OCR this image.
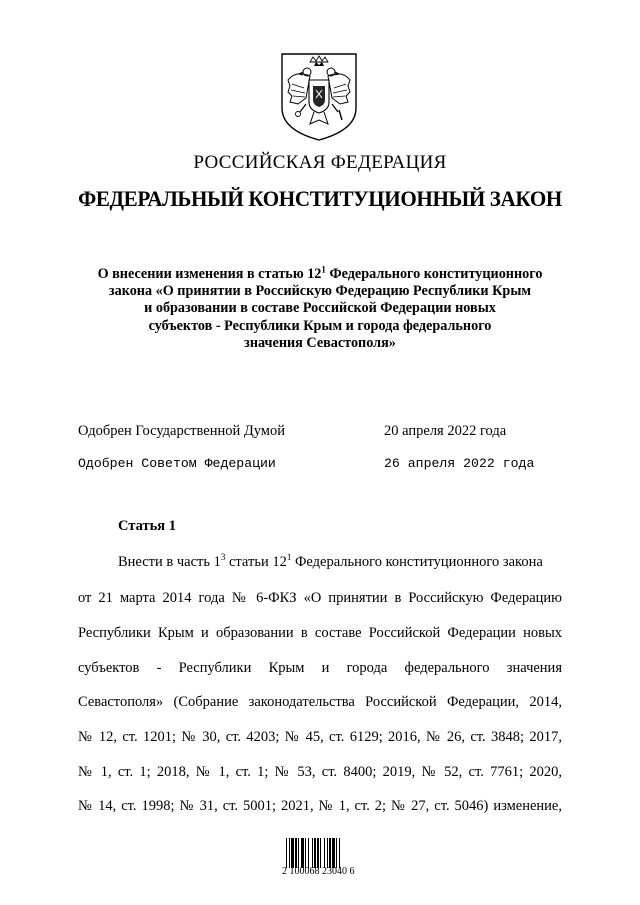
РОССИЙСКАЯ ФЕДЕРАЦИЯ
ФЕДЕРАЛЬНЫЙ КОНСТИТУЦИОННЫЙ ЗАКОН
О внесении изменения в статью $12^1$ Федерального конституционного
закона «О принятии в Российскую Федерацию Республики Крым
и образовании в составе Российской Федерации новых
субъектов - Республики Крым и города федерального
значения Севастополя»
Одобрен Государственной Думой	20 апреля 2022 года
Одобрен Советом Федерации	26 апреля 2022 года
Статья 1
Внести в часть $1^3$ статьи $12^1$ Федерального конституционного закона
от 21 марта 2014 года № 6-ФКЗ «О принятии в Российскую Федерацию
Республики Крым и образовании в составе Российской Федерации новых
субъектов - Республики Крым и города федерального значения
Севастополя» (Собрание законодательства Российской Федерации, 2014,
№ 12, ст. 1201; № 30, ст. 4203; № 45, ст. 6129; 2016, № 26, ст. 3848; 2017,
№ 1, ст. 1; 2018, № 1, ст. 1; № 53, ст. 8400; 2019, № 52, ст. 7761; 2020,
№ 14, ст. 1998; № 31, ст. 5001; 2021, № 1, ст. 2; № 27, ст. 5046) изменение,
2 100068 23040 6
